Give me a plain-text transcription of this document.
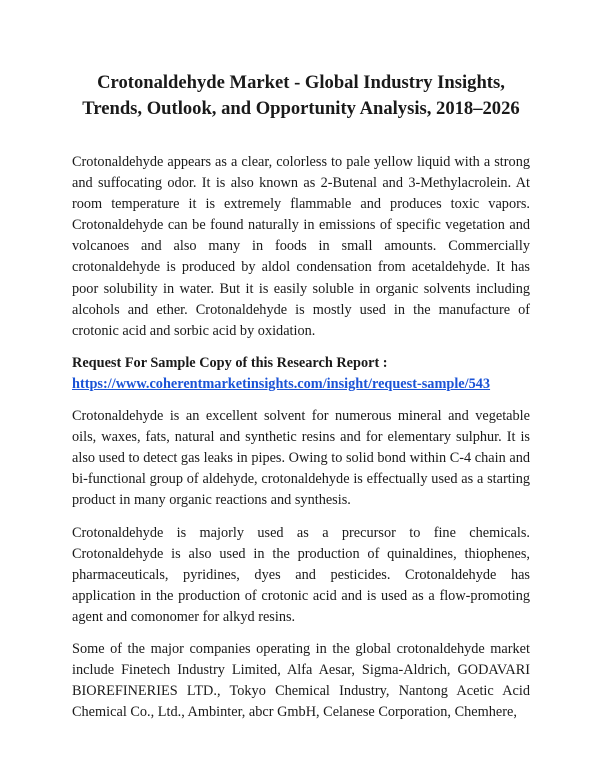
Crotonaldehyde Market - Global Industry Insights, Trends, Outlook, and Opportunity Analysis, 2018–2026

Crotonaldehyde appears as a clear, colorless to pale yellow liquid with a strong and suffocating odor. It is also known as 2-Butenal and 3-Methylacrolein. At room temperature it is extremely flammable and produces toxic vapors. Crotonaldehyde can be found naturally in emissions of specific vegetation and volcanoes and also many in foods in small amounts. Commercially crotonaldehyde is produced by aldol condensation from acetaldehyde. It has poor solubility in water. But it is easily soluble in organic solvents including alcohols and ether. Crotonaldehyde is mostly used in the manufacture of crotonic acid and sorbic acid by oxidation.

Request For Sample Copy of this Research Report :

https://www.coherentmarketinsights.com/insight/request-sample/543

Crotonaldehyde is an excellent solvent for numerous mineral and vegetable oils, waxes, fats, natural and synthetic resins and for elementary sulphur. It is also used to detect gas leaks in pipes. Owing to solid bond within C-4 chain and bi-functional group of aldehyde, crotonaldehyde is effectually used as a starting product in many organic reactions and synthesis.

Crotonaldehyde is majorly used as a precursor to fine chemicals. Crotonaldehyde is also used in the production of quinaldines, thiophenes, pharmaceuticals, pyridines, dyes and pesticides. Crotonaldehyde has application in the production of crotonic acid and is used as a flow-promoting agent and comonomer for alkyd resins.

Some of the major companies operating in the global crotonaldehyde market include Finetech Industry Limited, Alfa Aesar, Sigma-Aldrich, GODAVARI BIOREFINERIES LTD., Tokyo Chemical Industry, Nantong Acetic Acid Chemical Co., Ltd., Ambinter, abcr GmbH, Celanese Corporation, Chemhere,
